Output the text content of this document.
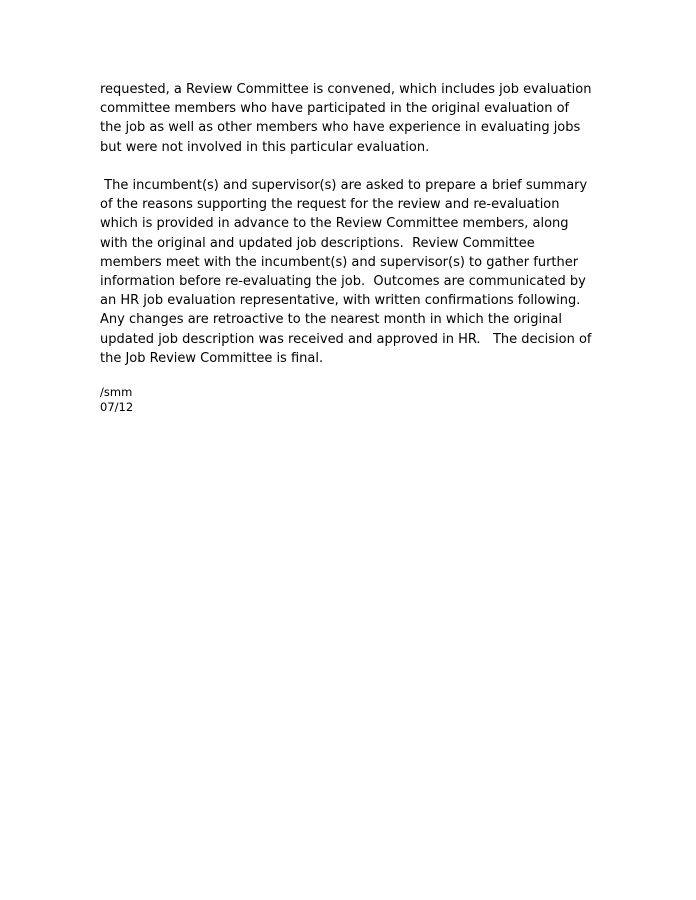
requested, a Review Committee is convened, which includes job evaluation committee members who have participated in the original evaluation of the job as well as other members who have experience in evaluating jobs but were not involved in this particular evaluation.

The incumbent(s) and supervisor(s) are asked to prepare a brief summary of the reasons supporting the request for the review and re-evaluation which is provided in advance to the Review Committee members, along with the original and updated job descriptions.  Review Committee members meet with the incumbent(s) and supervisor(s) to gather further information before re-evaluating the job.  Outcomes are communicated by an HR job evaluation representative, with written confirmations following.  Any changes are retroactive to the nearest month in which the original updated job description was received and approved in HR.   The decision of the Job Review Committee is final.

/smm

07/12
